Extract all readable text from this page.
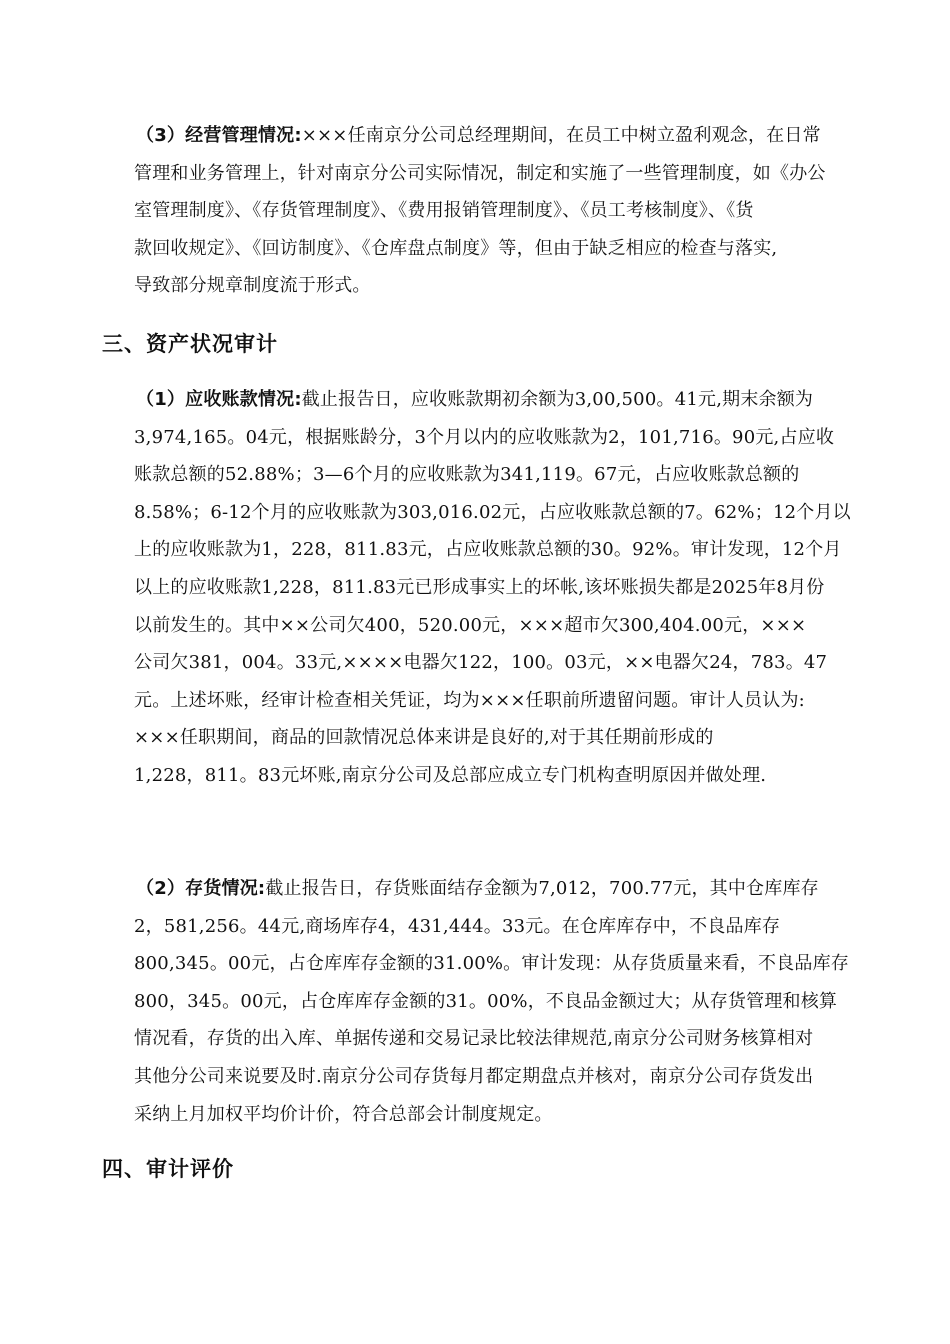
（3）经营管理情况:×××任南京分公司总经理期间，在员工中树立盈利观念，在日常
管理和业务管理上，针对南京分公司实际情况，制定和实施了一些管理制度，如《办公
室管理制度》、《存货管理制度》、《费用报销管理制度》、《员工考核制度》、《货
款回收规定》、《回访制度》、《仓库盘点制度》等，但由于缺乏相应的检查与落实,
导致部分规章制度流于形式。
三、资产状况审计
（1）应收账款情况:截止报告日，应收账款期初余额为3,00,500。41元,期末余额为
3,974,165。04元，根据账龄分，3个月以内的应收账款为2，101,716。90元,占应收
账款总额的52.88%；3—6个月的应收账款为341,119。67元，占应收账款总额的
8.58%；6-12个月的应收账款为303,016.02元，占应收账款总额的7。62%；12个月以
上的应收账款为1，228，811.83元，占应收账款总额的30。92%。审计发现，12个月
以上的应收账款1,228，811.83元已形成事实上的坏帐,该坏账损失都是2025年8月份
以前发生的。其中××公司欠400，520.00元，×××超市欠300,404.00元，×××
公司欠381，004。33元,××××电器欠122，100。03元，××电器欠24，783。47
元。上述坏账，经审计检查相关凭证，均为×××任职前所遗留问题。审计人员认为:
×××任职期间，商品的回款情况总体来讲是良好的,对于其任期前形成的
1,228，811。83元坏账,南京分公司及总部应成立专门机构查明原因并做处理.
（2）存货情况:截止报告日，存货账面结存金额为7,012，700.77元，其中仓库库存
2，581,256。44元,商场库存4，431,444。33元。在仓库库存中，不良品库存
800,345。00元，占仓库库存金额的31.00%。审计发现：从存货质量来看，不良品库存
800，345。00元，占仓库库存金额的31。00%，不良品金额过大；从存货管理和核算
情况看，存货的出入库、单据传递和交易记录比较法律规范,南京分公司财务核算相对
其他分公司来说要及时.南京分公司存货每月都定期盘点并核对，南京分公司存货发出
采纳上月加权平均价计价，符合总部会计制度规定。
四、审计评价
